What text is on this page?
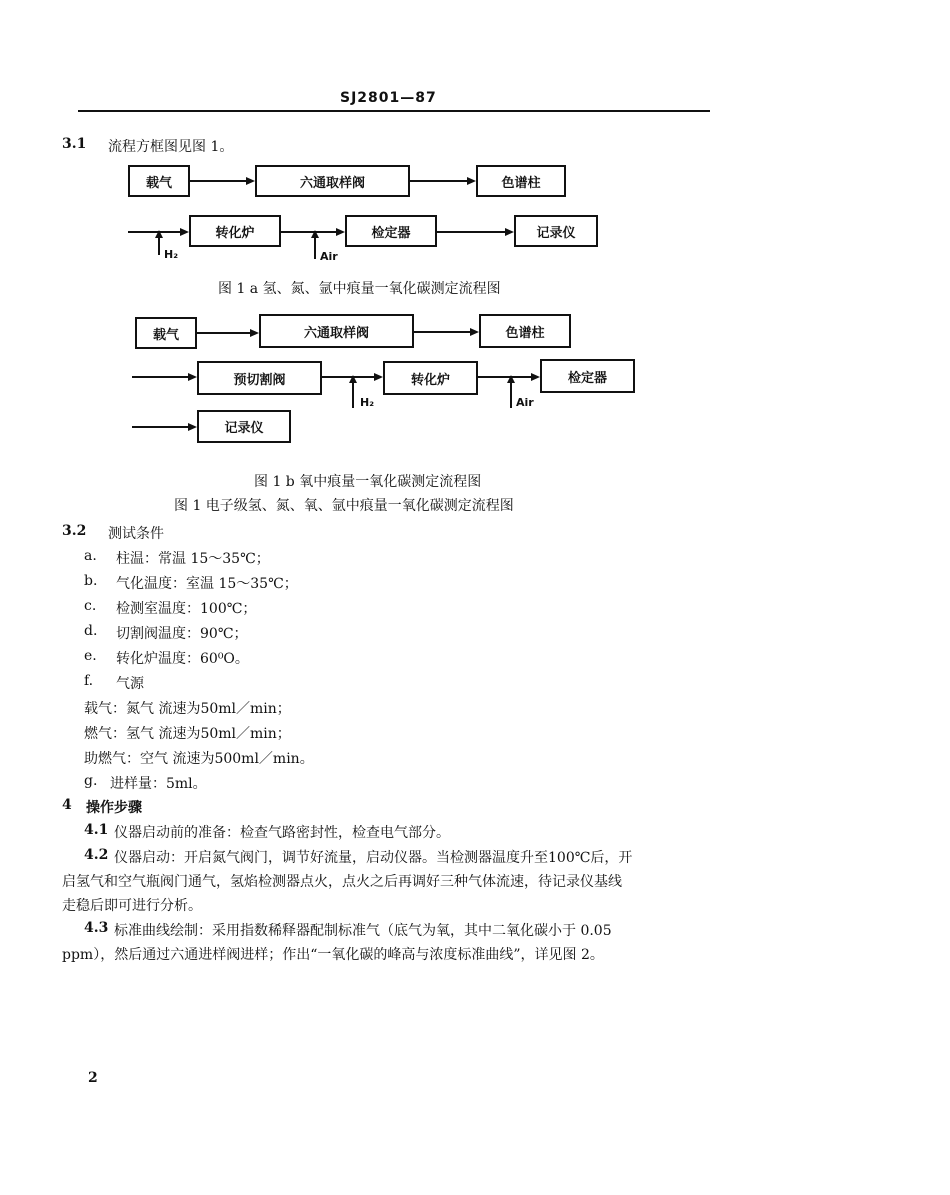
SJ2801—87
3.1 流程方框图见图 1。
载气	六通取样阀	色谱柱
H₂
转化炉
Air
检定器	记录仪
图 1 a 氢、氮、氩中痕量一氧化碳测定流程图
载气	六通取样阀	色谱柱
预切割阀
H₂
转化炉
Air
检定器
记录仪
图 1 b 氧中痕量一氧化碳测定流程图
图 1 电子级氢、氮、氧、氩中痕量一氧化碳测定流程图
3.2 测试条件
a. 柱温：常温 15～35℃；
b. 气化温度：室温 15～35℃；
c. 检测室温度：100℃；
d. 切割阀温度：90℃；
e. 转化炉温度：60⁰O。
f. 气源
载气：氮气 流速为50ml／min；
燃气：氢气 流速为50ml／min；
助燃气：空气 流速为500ml／min。
g. 进样量：5ml。
4 操作步骤
4.1 仪器启动前的准备：检查气路密封性，检查电气部分。
4.2 仪器启动：开启氮气阀门，调节好流量，启动仪器。当检测器温度升至100℃后，开
启氢气和空气瓶阀门通气，氢焰检测器点火，点火之后再调好三种气体流速，待记录仪基线
走稳后即可进行分析。
4.3 标准曲线绘制：采用指数稀释器配制标准气（底气为氧，其中二氧化碳小于 0.05
ppm），然后通过六通进样阀进样；作出“一氧化碳的峰高与浓度标准曲线”，详见图 2。
2
